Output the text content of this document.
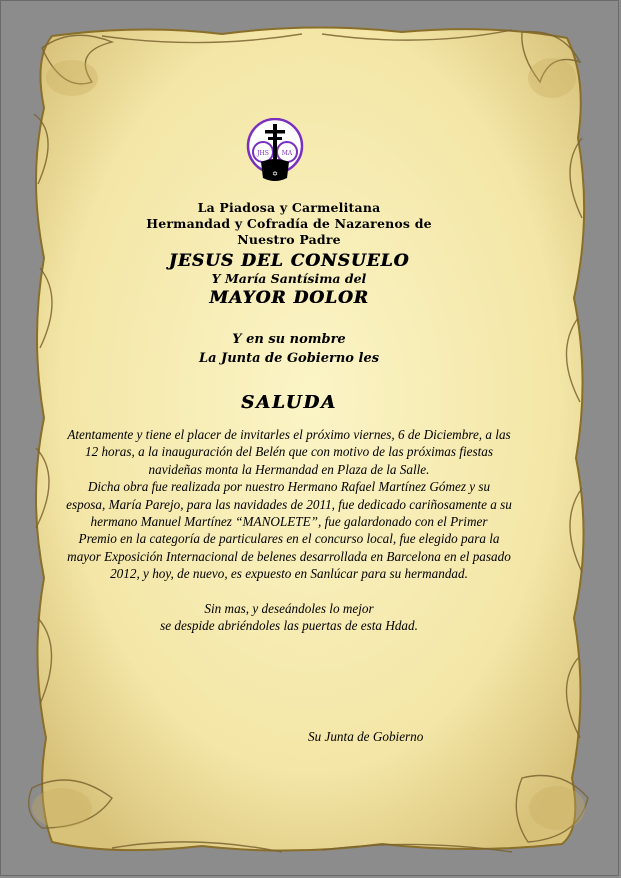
JHS MA
✡
La Piadosa y Carmelitana
Hermandad y Cofradía de Nazarenos de
Nuestro Padre
JESUS DEL CONSUELO
Y María Santísima del
MAYOR DOLOR
Y en su nombre
La Junta de Gobierno les
SALUDA
Atentamente y tiene el placer de invitarles el próximo viernes, 6 de Diciembre, a las
12 horas, a la inauguración del Belén que con motivo de las próximas fiestas
navideñas monta la Hermandad en Plaza de la Salle.
Dicha obra fue realizada por nuestro Hermano Rafael Martínez Gómez y su
esposa, María Parejo, para las navidades de 2011, fue dedicado cariñosamente a su
hermano Manuel Martínez “MANOLETE”, fue galardonado con el Primer
Premio en la categoría de particulares en el concurso local, fue elegido para la
mayor Exposición Internacional de belenes desarrollada en Barcelona en el pasado
2012, y hoy, de nuevo, es expuesto en Sanlúcar para su hermandad.
Sin mas, y deseándoles lo mejor
se despide abriéndoles las puertas de esta Hdad.
Su Junta de Gobierno
